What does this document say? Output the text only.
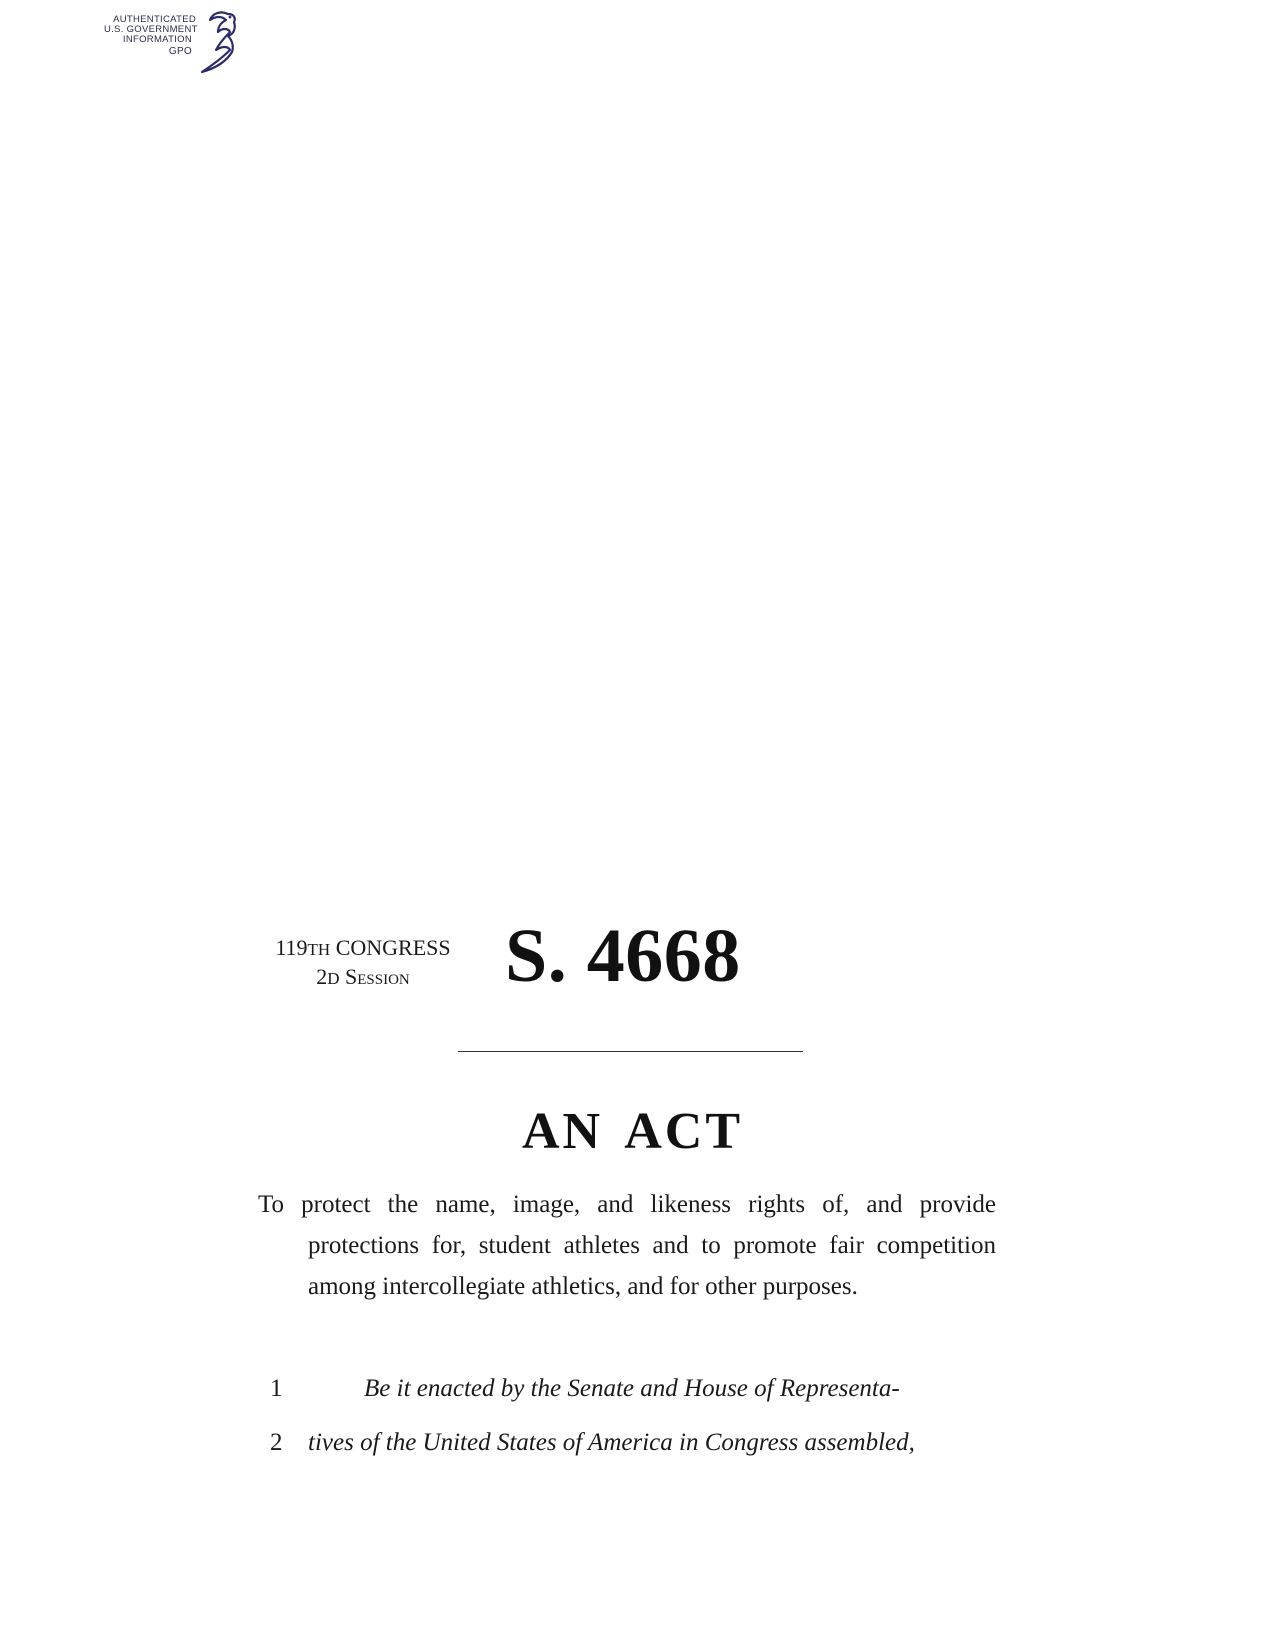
AUTHENTICATED
U.S. GOVERNMENT
INFORMATION
GPO
119TH CONGRESS
2D Session	S. 4668
AN ACT
To protect the name, image, and likeness rights of, and provide protections for, student athletes and to promote fair competition among intercollegiate athletics, and for other purposes.
1	Be it enacted by the Senate and House of Representa-
2 tives of the United States of America in Congress assembled,
